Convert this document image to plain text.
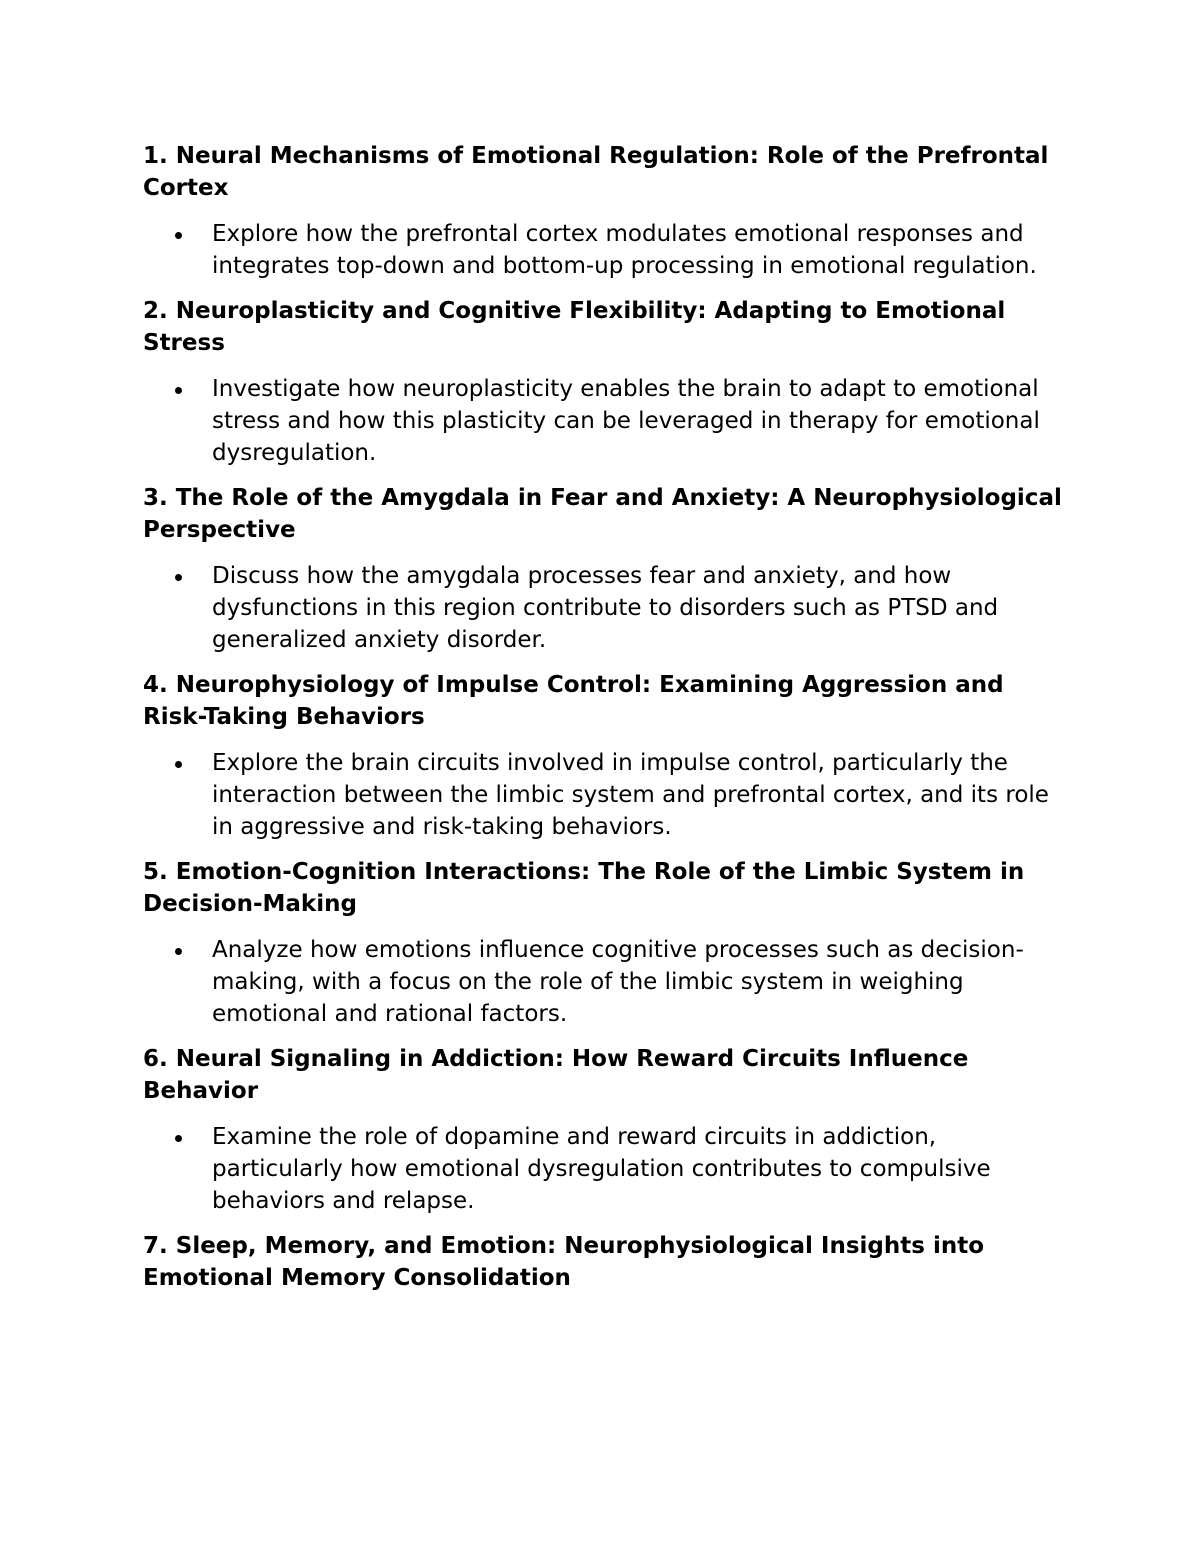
1. Neural Mechanisms of Emotional Regulation: Role of the Prefrontal Cortex

Explore how the prefrontal cortex modulates emotional responses and integrates top-down and bottom-up processing in emotional regulation.

2. Neuroplasticity and Cognitive Flexibility: Adapting to Emotional Stress

Investigate how neuroplasticity enables the brain to adapt to emotional stress and how this plasticity can be leveraged in therapy for emotional dysregulation.

3. The Role of the Amygdala in Fear and Anxiety: A Neurophysiological Perspective

Discuss how the amygdala processes fear and anxiety, and how dysfunctions in this region contribute to disorders such as PTSD and generalized anxiety disorder.

4. Neurophysiology of Impulse Control: Examining Aggression and Risk-Taking Behaviors

Explore the brain circuits involved in impulse control, particularly the interaction between the limbic system and prefrontal cortex, and its role in aggressive and risk-taking behaviors.

5. Emotion-Cognition Interactions: The Role of the Limbic System in Decision-Making

Analyze how emotions influence cognitive processes such as decision-making, with a focus on the role of the limbic system in weighing emotional and rational factors.

6. Neural Signaling in Addiction: How Reward Circuits Influence Behavior

Examine the role of dopamine and reward circuits in addiction, particularly how emotional dysregulation contributes to compulsive behaviors and relapse.

7. Sleep, Memory, and Emotion: Neurophysiological Insights into Emotional Memory Consolidation
